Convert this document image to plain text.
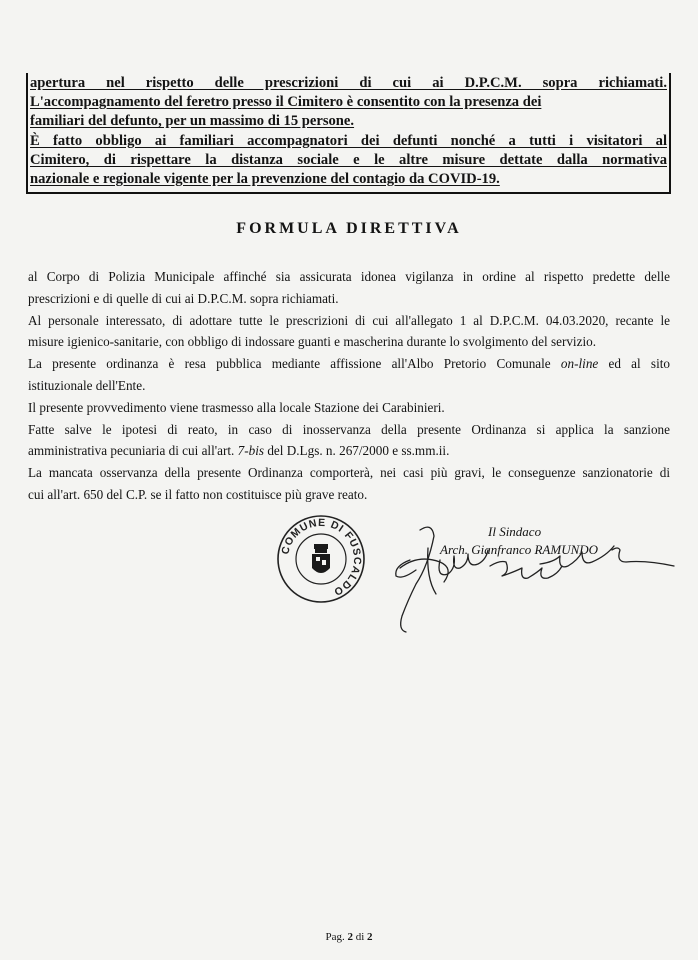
apertura nel rispetto delle prescrizioni di cui ai D.P.C.M. sopra richiamati.
L'accompagnamento del feretro presso il Cimitero è consentito con la presenza dei
familiari del defunto, per un massimo di 15 persone.
È fatto obbligo ai familiari accompagnatori dei defunti nonché a tutti i visitatori al
Cimitero, di rispettare la distanza sociale e le altre misure dettate dalla normativa
nazionale e regionale vigente per la prevenzione del contagio da COVID-19.
FORMULA DIRETTIVA

al Corpo di Polizia Municipale affinché sia assicurata idonea vigilanza in ordine al rispetto predette delle
prescrizioni e di quelle di cui ai D.P.C.M. sopra richiamati.

Al personale interessato, di adottare tutte le prescrizioni di cui all'allegato 1 al D.P.C.M. 04.03.2020, recante le
misure igienico-sanitarie, con obbligo di indossare guanti e mascherina durante lo svolgimento del servizio.

La presente ordinanza è resa pubblica mediante affissione all'Albo Pretorio Comunale on-line ed al sito
istituzionale dell'Ente.

Il presente provvedimento viene trasmesso alla locale Stazione dei Carabinieri.

Fatte salve le ipotesi di reato, in caso di inosservanza della presente Ordinanza si applica la sanzione
amministrativa pecuniaria di cui all'art. 7-bis del D.Lgs. n. 267/2000 e ss.mm.ii.

La mancata osservanza della presente Ordinanza comporterà, nei casi più gravi, le conseguenze sanzionatorie di
cui all'art. 650 del C.P. se il fatto non costituisce più grave reato.

COMUNE DI FUSCALDO
Il Sindaco
Arch. Gianfranco RAMUNDO
Pag. 2 di 2
